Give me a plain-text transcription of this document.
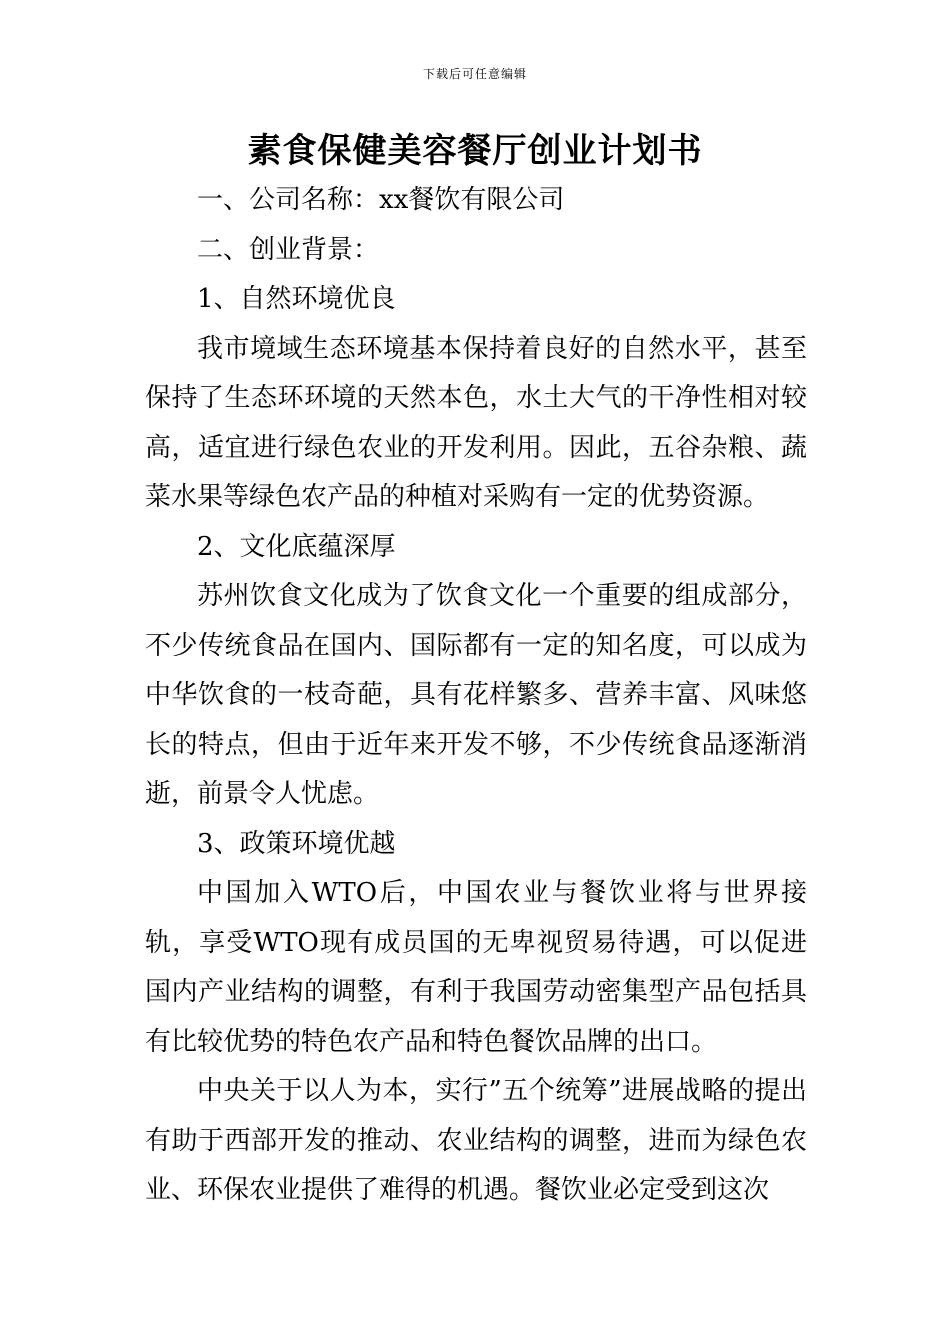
下载后可任意编辑
素食保健美容餐厅创业计划书

一、公司名称：xx餐饮有限公司

二、创业背景：

1、自然环境优良

我市境域生态环境基本保持着良好的自然水平，甚至保持了生态环环境的天然本色，水土大气的干净性相对较高，适宜进行绿色农业的开发利用。因此，五谷杂粮、蔬菜水果等绿色农产品的种植对采购有一定的优势资源。

2、文化底蕴深厚

苏州饮食文化成为了饮食文化一个重要的组成部分，不少传统食品在国内、国际都有一定的知名度，可以成为中华饮食的一枝奇葩，具有花样繁多、营养丰富、风味悠长的特点，但由于近年来开发不够，不少传统食品逐渐消逝，前景令人忧虑。

3、政策环境优越

中国加入WTO后，中国农业与餐饮业将与世界接轨，享受WTO现有成员国的无卑视贸易待遇，可以促进国内产业结构的调整，有利于我国劳动密集型产品包括具有比较优势的特色农产品和特色餐饮品牌的出口。

中央关于以人为本，实行”五个统筹”进展战略的提出有助于西部开发的推动、农业结构的调整，进而为绿色农业、环保农业提供了难得的机遇。餐饮业必定受到这次
